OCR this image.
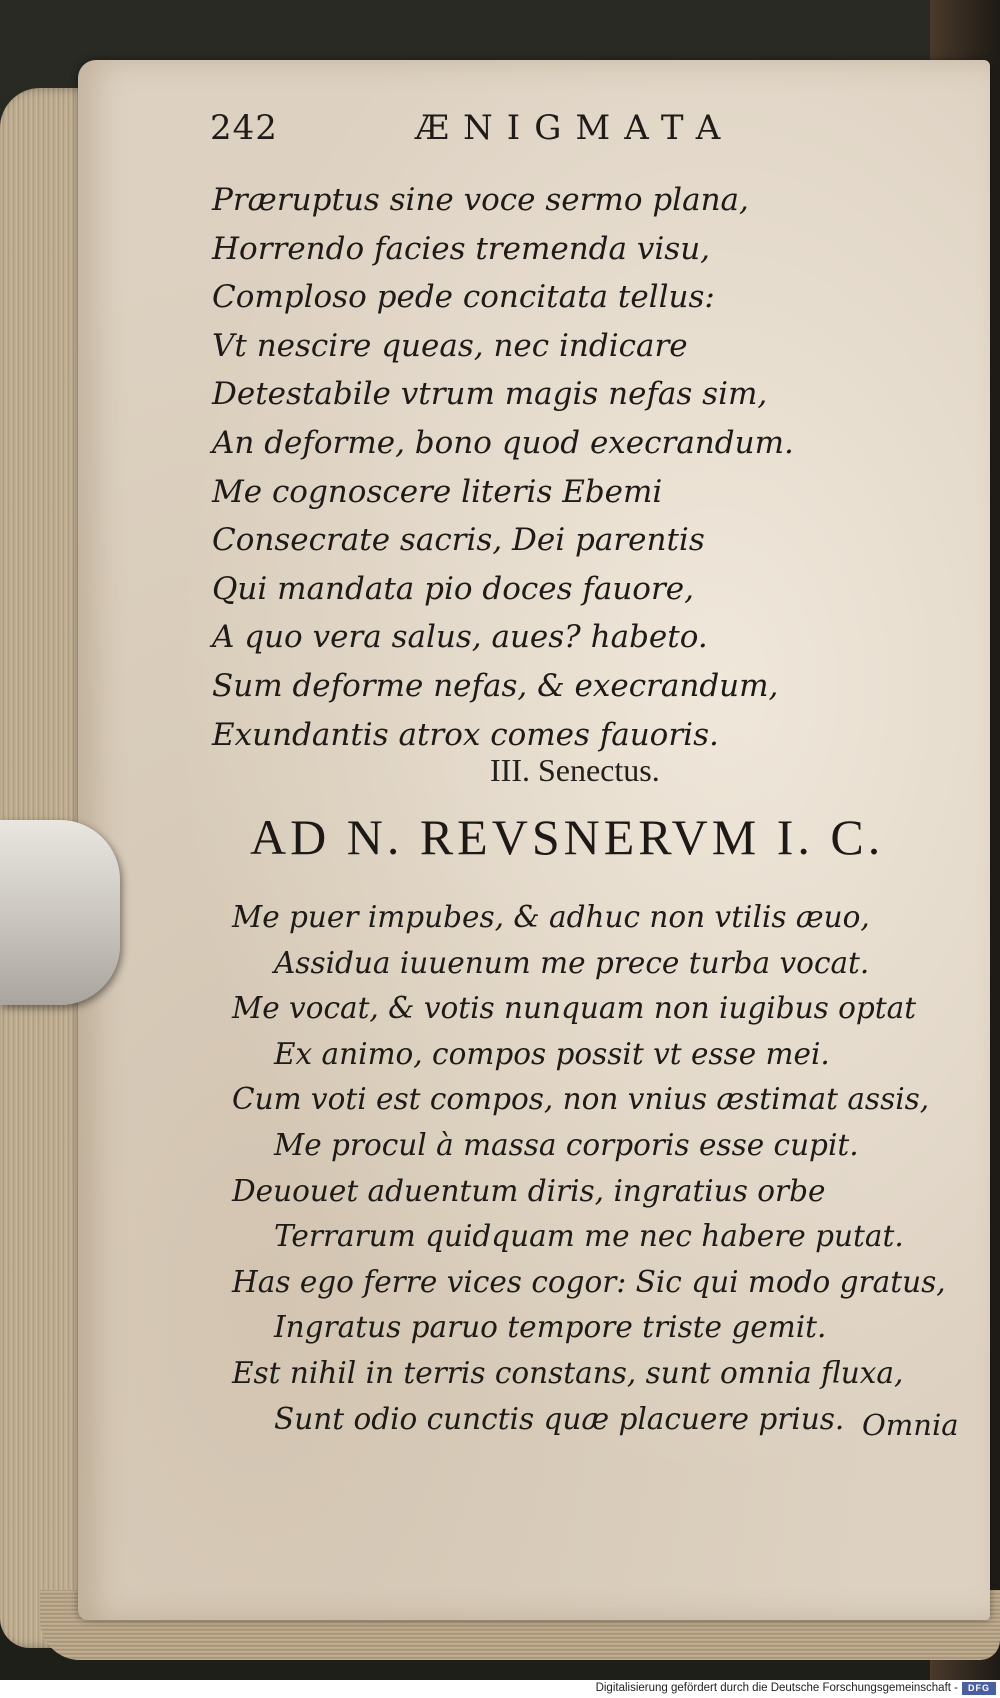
242	ÆNIGMATA
Præruptus sine voce sermo plana,
Horrendo facies tremenda visu,
Comploso pede concitata tellus:
Vt nescire queas, nec indicare
Detestabile vtrum magis nefas sim,
An deforme, bono quod execrandum.
Me cognoscere literis Ebemi
Consecrate sacris, Dei parentis
Qui mandata pio doces fauore,
A quo vera salus, aues? habeto.
Sum deforme nefas, & execrandum,
Exundantis atrox comes fauoris.
III. Senectus.
AD N. REVSNERVM I. C.
Me puer impubes, & adhuc non vtilis æuo,
Assidua iuuenum me prece turba vocat.
Me vocat, & votis nunquam non iugibus optat
Ex animo, compos possit vt esse mei.
Cum voti est compos, non vnius æstimat assis,
Me procul à massa corporis esse cupit.
Deuouet aduentum diris, ingratius orbe
Terrarum quidquam me nec habere putat.
Has ego ferre vices cogor: Sic qui modo gratus,
Ingratus paruo tempore triste gemit.
Est nihil in terris constans, sunt omnia fluxa,
Sunt odio cunctis quæ placuere prius. Omnia
Digitalisierung gefördert durch die Deutsche Forschungsgemeinschaft -	DFG
